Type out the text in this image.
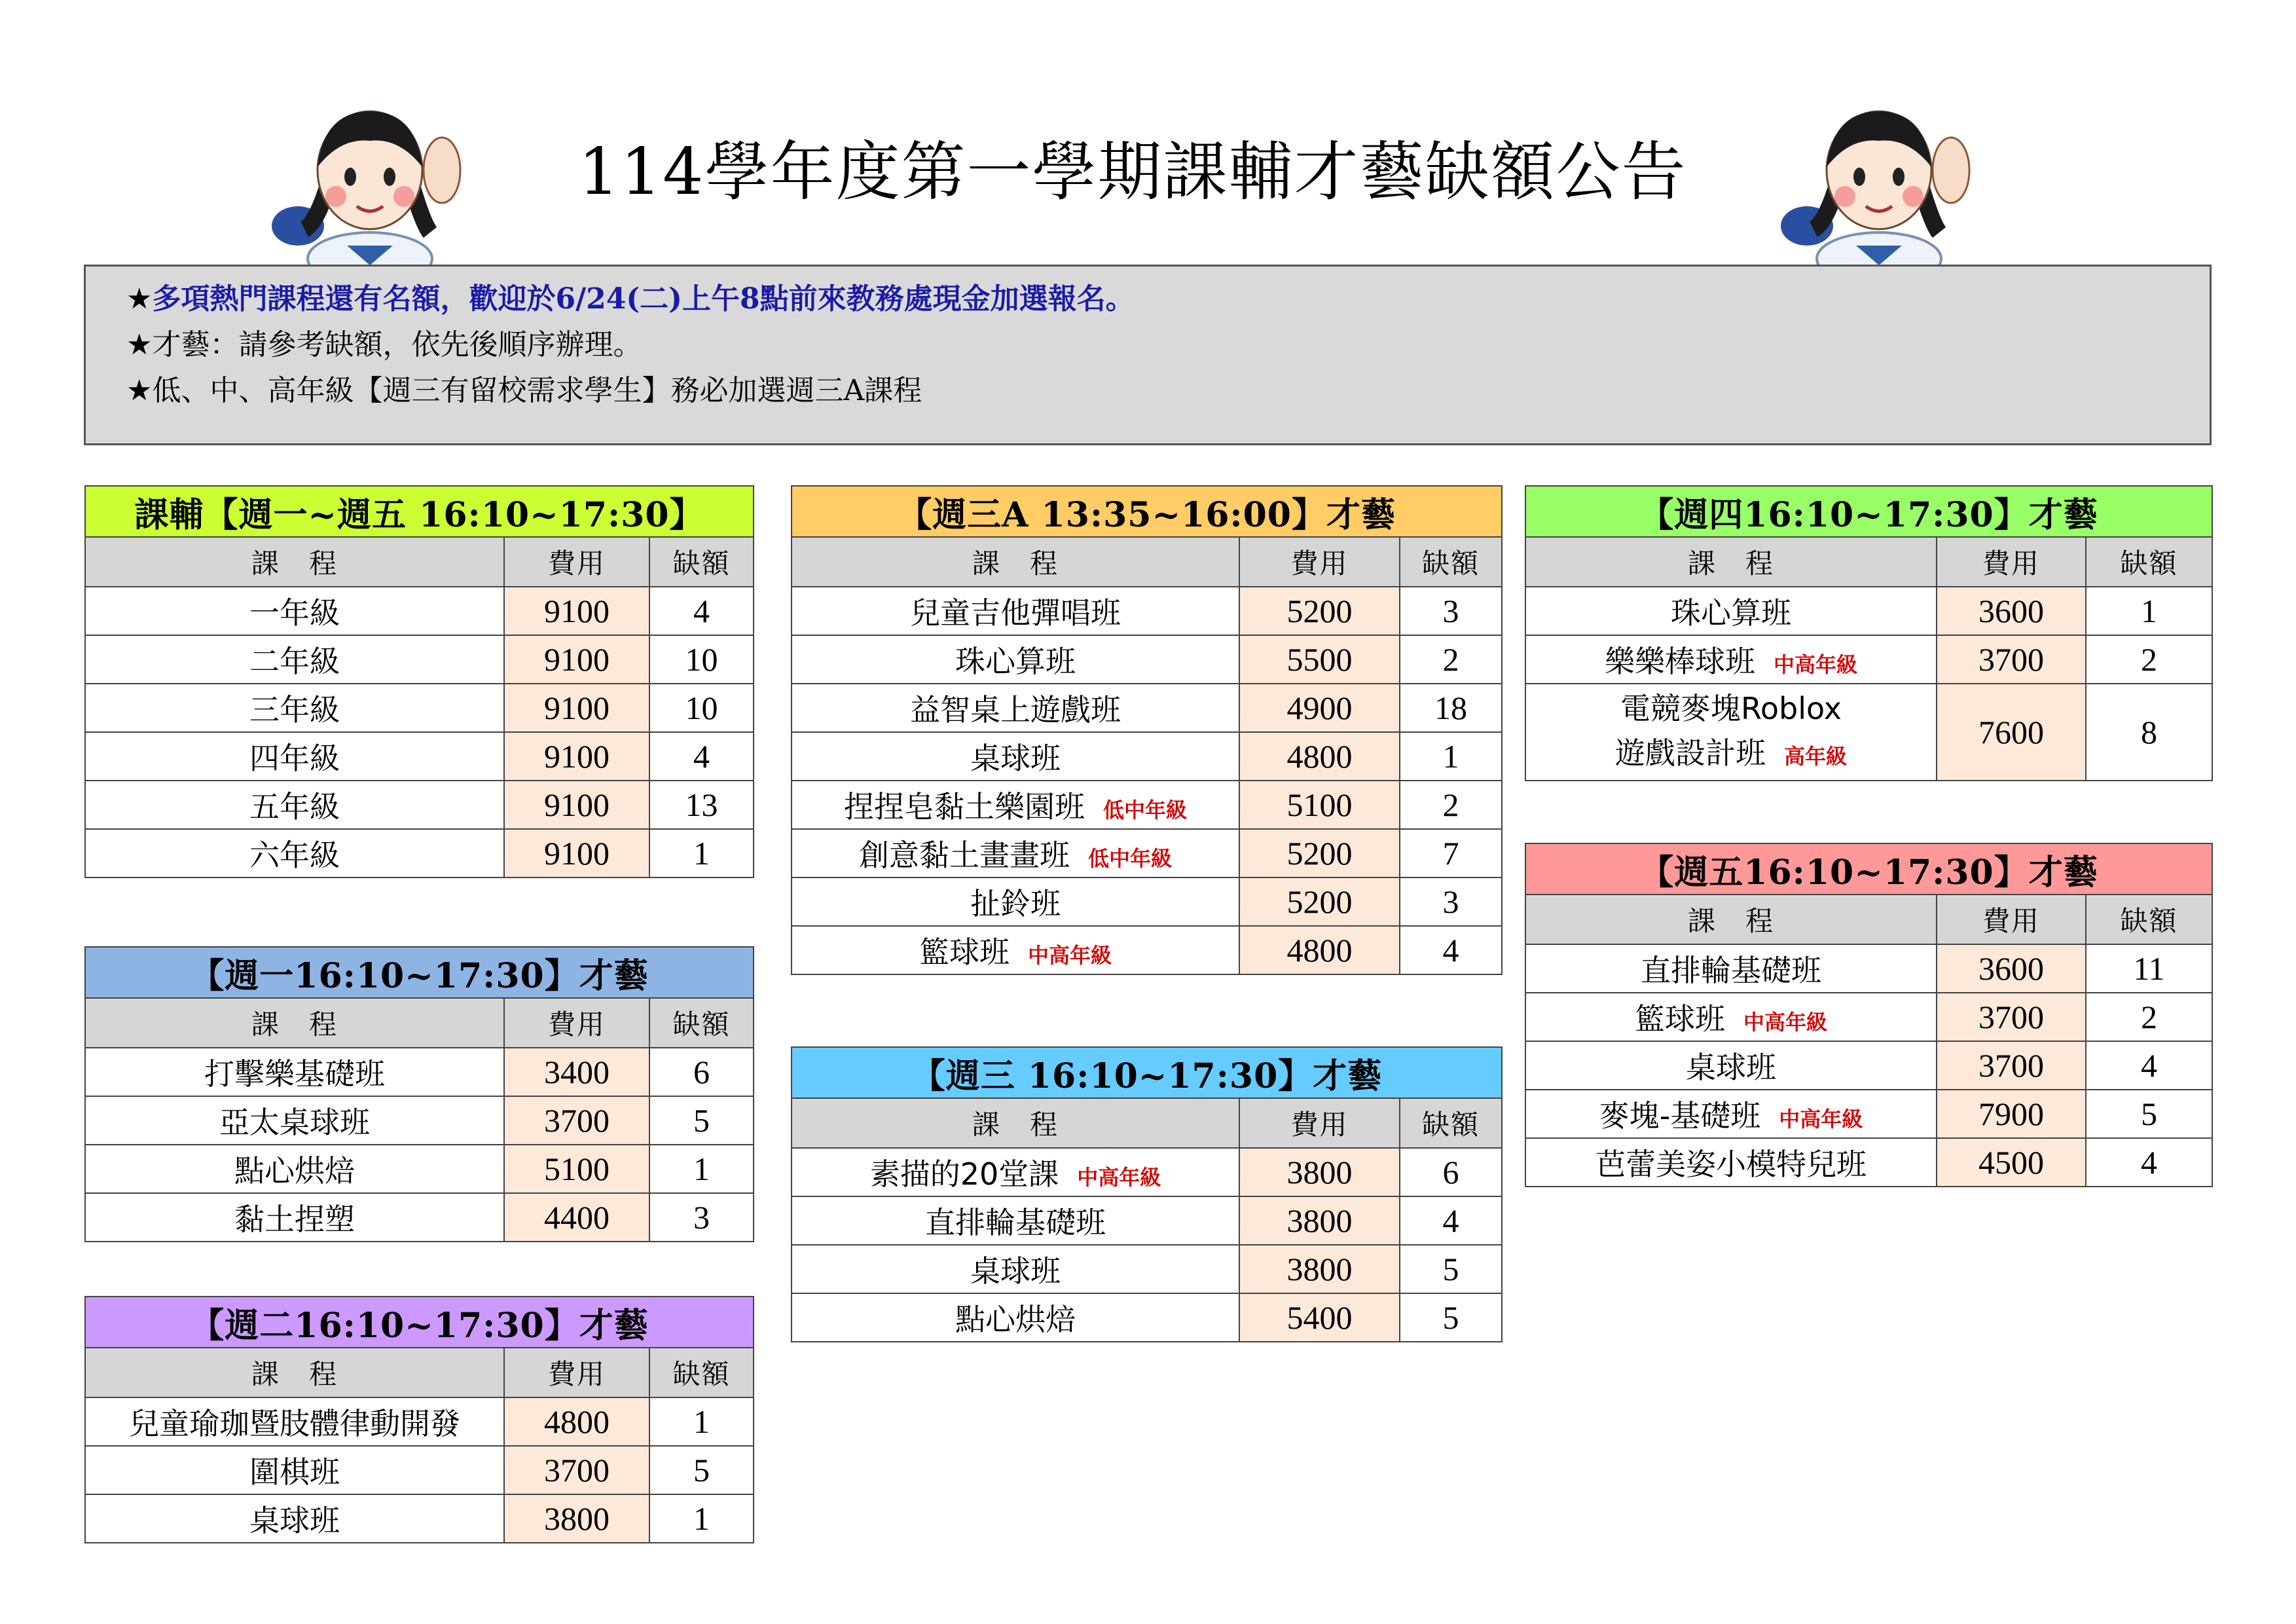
114學年度第一學期課輔才藝缺額公告
★多項熱門課程還有名額，歡迎於6/24(二)上午8點前來教務處現金加選報名。
★才藝：請參考缺額，依先後順序辦理。
★低、中、高年級【週三有留校需求學生】務必加選週三A課程
課輔【週一~週五 16:10~17:30】		
課　程	費用	缺額
一年級	9100	4
二年級	9100	10
三年級	9100	10
四年級	9100	4
五年級	9100	13
六年級	9100	1
【週一16:10~17:30】才藝		
課　程	費用	缺額
打擊樂基礎班	3400	6
亞太桌球班	3700	5
點心烘焙	5100	1
黏土捏塑	4400	3
【週二16:10~17:30】才藝		
課　程	費用	缺額
兒童瑜珈暨肢體律動開發	4800	1
圍棋班	3700	5
桌球班	3800	1
【週三A 13:35~16:00】才藝		
課　程	費用	缺額
兒童吉他彈唱班	5200	3
珠心算班	5500	2
益智桌上遊戲班	4900	18
桌球班	4800	1
捏捏皂黏土樂園班 低中年級	5100	2
創意黏土畫畫班 低中年級	5200	7
扯鈴班	5200	3
籃球班 中高年級	4800	4
【週三 16:10~17:30】才藝		
課　程	費用	缺額
素描的20堂課 中高年級	3800	6
直排輪基礎班	3800	4
桌球班	3800	5
點心烘焙	5400	5
【週四16:10~17:30】才藝		
課　程	費用	缺額
珠心算班	3600	1
樂樂棒球班 中高年級	3700	2

電競麥塊Roblox
遊戲設計班 高年級	7600	8
【週五16:10~17:30】才藝		
課　程	費用	缺額
直排輪基礎班	3600	11
籃球班 中高年級	3700	2
桌球班	3700	4
麥塊-基礎班 中高年級	7900	5
芭蕾美姿小模特兒班	4500	4
